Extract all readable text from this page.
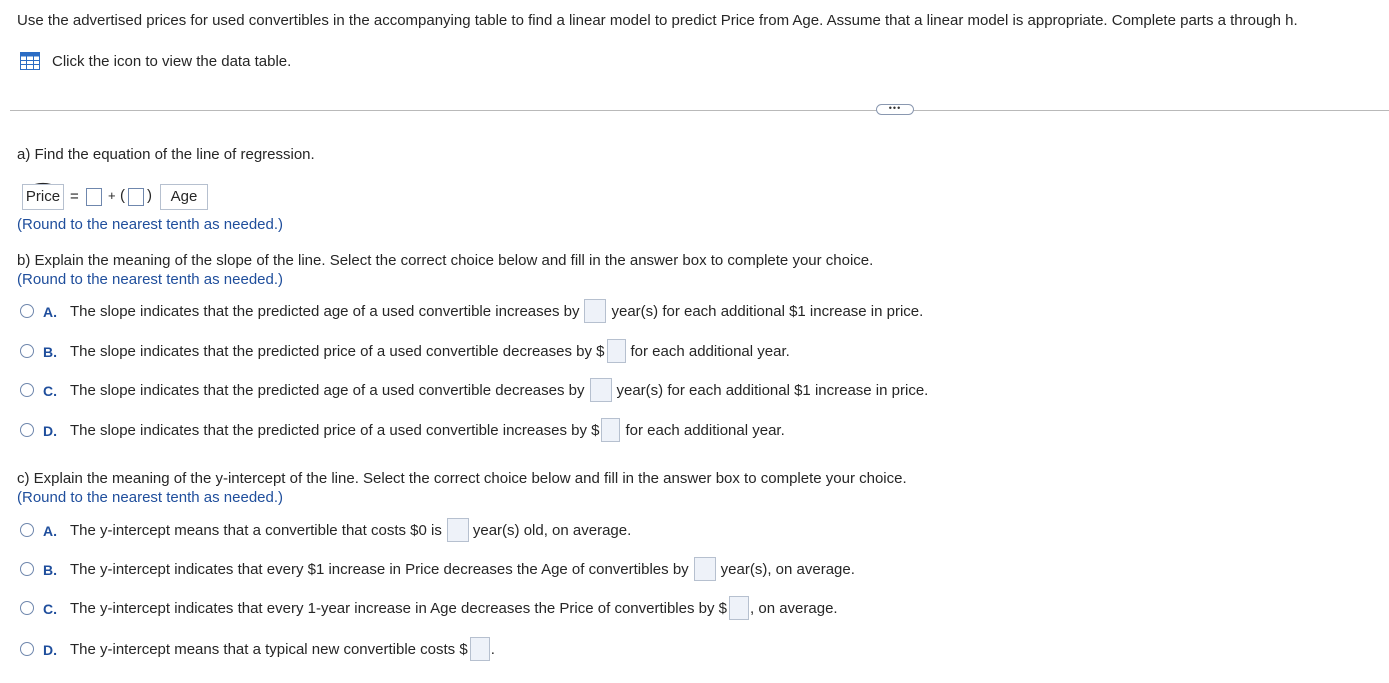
Use the advertised prices for used convertibles in the accompanying table to find a linear model to predict Price from Age. Assume that a linear model is appropriate. Complete parts a through h.
Click the icon to view the data table.
•••
a) Find the equation of the line of regression.
Price = + ( )	Age
(Round to the nearest tenth as needed.)
b) Explain the meaning of the slope of the line. Select the correct choice below and fill in the answer box to complete your choice.
(Round to the nearest tenth as needed.)
A. The slope indicates that the predicted age of a used convertible increases by year(s) for each additional $1 increase in price.
B. The slope indicates that the predicted price of a used convertible decreases by $ for each additional year.
C. The slope indicates that the predicted age of a used convertible decreases by year(s) for each additional $1 increase in price.
D. The slope indicates that the predicted price of a used convertible increases by $ for each additional year.
c) Explain the meaning of the y-intercept of the line. Select the correct choice below and fill in the answer box to complete your choice.
(Round to the nearest tenth as needed.)
A. The y-intercept means that a convertible that costs $0 is year(s) old, on average.
B. The y-intercept indicates that every $1 increase in Price decreases the Age of convertibles by year(s), on average.
C. The y-intercept indicates that every 1-year increase in Age decreases the Price of convertibles by $ , on average.
D. The y-intercept means that a typical new convertible costs $ .
